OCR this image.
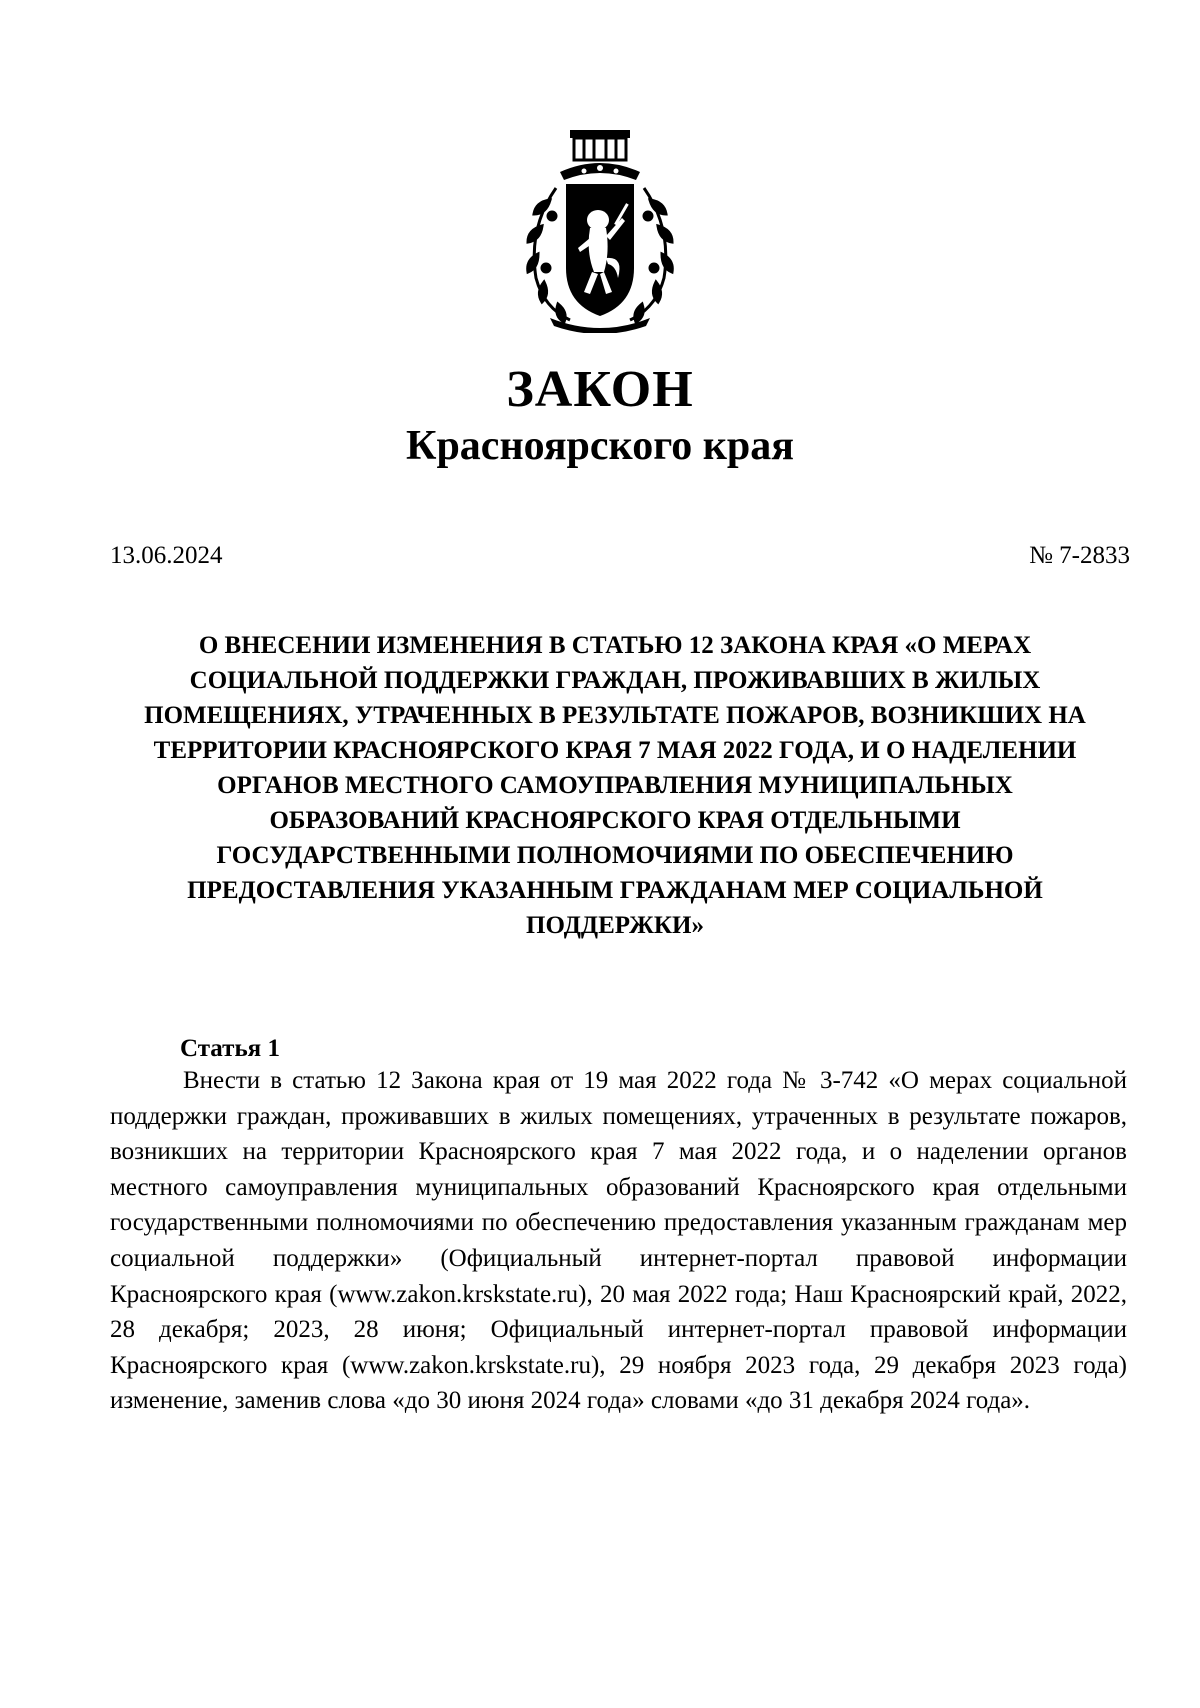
ЗАКОН
Красноярского края
13.06.2024	№ 7-2833
О ВНЕСЕНИИ ИЗМЕНЕНИЯ В СТАТЬЮ 12 ЗАКОНА КРАЯ «О МЕРАХ СОЦИАЛЬНОЙ ПОДДЕРЖКИ ГРАЖДАН, ПРОЖИВАВШИХ В ЖИЛЫХ ПОМЕЩЕНИЯХ, УТРАЧЕННЫХ В РЕЗУЛЬТАТЕ ПОЖАРОВ, ВОЗНИКШИХ НА ТЕРРИТОРИИ КРАСНОЯРСКОГО КРАЯ 7 МАЯ 2022 ГОДА, И О НАДЕЛЕНИИ ОРГАНОВ МЕСТНОГО САМОУПРАВЛЕНИЯ МУНИЦИПАЛЬНЫХ ОБРАЗОВАНИЙ КРАСНОЯРСКОГО КРАЯ ОТДЕЛЬНЫМИ ГОСУДАРСТВЕННЫМИ ПОЛНОМОЧИЯМИ ПО ОБЕСПЕЧЕНИЮ ПРЕДОСТАВЛЕНИЯ УКАЗАННЫМ ГРАЖДАНАМ МЕР СОЦИАЛЬНОЙ ПОДДЕРЖКИ»
Статья 1

Внести в статью 12 Закона края от 19 мая 2022 года № 3-742 «О мерах социальной поддержки граждан, проживавших в жилых помещениях, утраченных в результате пожаров, возникших на территории Красноярского края 7 мая 2022 года, и о наделении органов местного самоуправления муниципальных образований Красноярского края отдельными государственными полномочиями по обеспечению предоставления указанным гражданам мер социальной поддержки» (Официальный интернет-портал правовой информации Красноярского края (www.zakon.krskstate.ru), 20 мая 2022 года; Наш Красноярский край, 2022, 28 декабря; 2023, 28 июня; Официальный интернет-портал правовой информации Красноярского края (www.zakon.krskstate.ru), 29 ноября 2023 года, 29 декабря 2023 года) изменение, заменив слова «до 30 июня 2024 года» словами «до 31 декабря 2024 года».
